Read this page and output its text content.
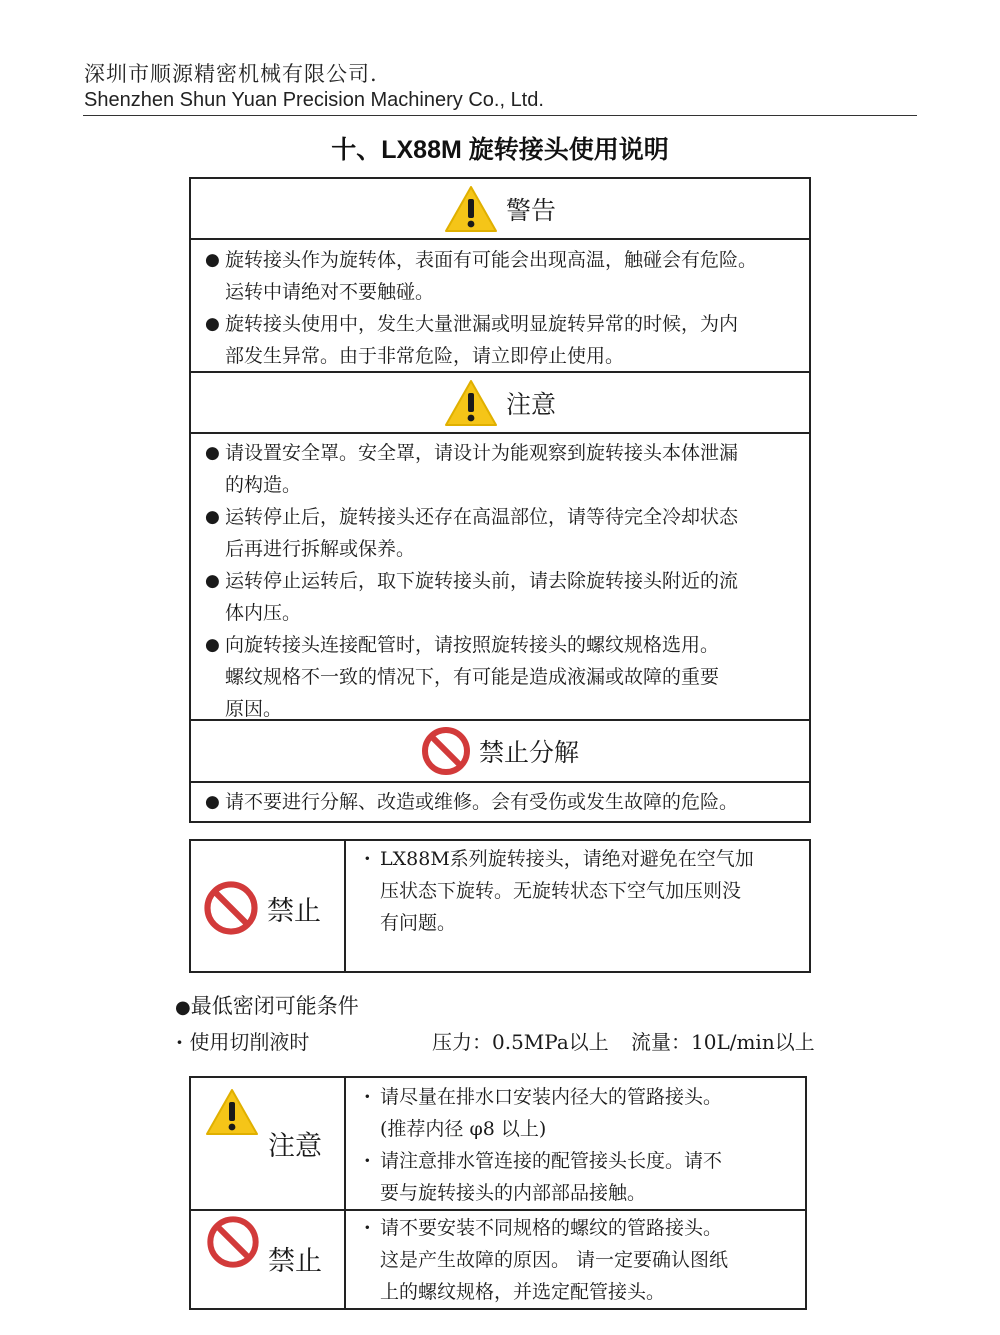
深圳市顺源精密机械有限公司.
Shenzhen Shun Yuan Precision Machinery Co., Ltd.
十、LX88M 旋转接头使用说明
警告
● 旋转接头作为旋转体，表面有可能会出现高温，触碰会有危险。
运转中请绝对不要触碰。
● 旋转接头使用中，发生大量泄漏或明显旋转异常的时候，为内
部发生异常。由于非常危险，请立即停止使用。
注意
● 请设置安全罩。安全罩，请设计为能观察到旋转接头本体泄漏
的构造。
● 运转停止后，旋转接头还存在高温部位，请等待完全冷却状态
后再进行拆解或保养。
● 运转停止运转后，取下旋转接头前，请去除旋转接头附近的流
体内压。
● 向旋转接头连接配管时，请按照旋转接头的螺纹规格选用。
螺纹规格不一致的情况下，有可能是造成液漏或故障的重要
原因。
禁止分解
● 请不要进行分解、改造或维修。会有受伤或发生故障的危险。
禁止
· LX88M系列旋转接头，请绝对避免在空气加
压状态下旋转。无旋转状态下空气加压则没
有问题。
●最低密闭可能条件
· 使用切削液时	压力：0.5MPa以上 流量：10L/min以上
注意
· 请尽量在排水口安装内径大的管路接头。
(推荐内径 φ8 以上)
· 请注意排水管连接的配管接头长度。请不
要与旋转接头的内部部品接触。
禁止
· 请不要安装不同规格的螺纹的管路接头。
这是产生故障的原因。 请一定要确认图纸
上的螺纹规格，并选定配管接头。
